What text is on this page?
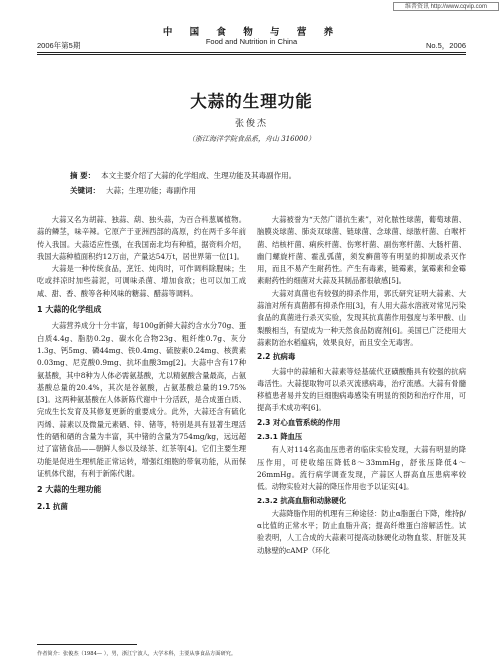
维普资讯 http://www.cqvip.com
中 国 食 物 与 营 养
Food and Nutrition in China
2006年第5期	No.5，2006
大蒜的生理功能
张俊杰
（浙江海洋学院食品系，舟山 316000）
摘 要： 本文主要介绍了大蒜的化学组成、生理功能及其毒副作用。
关键词： 大蒜；生理功能；毒副作用

大蒜又名为胡蒜、独蒜、葫、独头蒜，为百合科葱属植物。蒜的鳞茎，味辛辣。它原产于亚洲西部的高原，约在两千多年前传入我国。大蒜适应性强，在我国南北均有种植，据资料介绍，我国大蒜种植面积约12万亩，产量达54万t，居世界第一位[1]。

大蒜是一种传统食品，烹饪、炖肉时，可作调料除腥味；生吃或拌凉时加些蒜泥，可调味杀菌、增加食欲；也可以加工成咸、甜、香、酸等各种风味的糖蒜、醋蒜等调料。

1 大蒜的化学组成

大蒜营养成分十分丰富，每100g新鲜大蒜约含水分70g、蛋白质4.4g、脂肪0.2g、碳水化合物23g、粗纤维0.7g、灰分1.3g、钙5mg、磷44mg、铁0.4mg、硫胺素0.24mg、核黄素0.03mg、尼克酸0.9mg、抗坏血酸3mg[2]。大蒜中含有17种氨基酸，其中8种为人体必需氨基酸，尤以精氨酸含量最高，占氨基酸总量的20.4%，其次是谷氨酸，占氨基酸总量的19.75%[3]。这两种氨基酸在人体新陈代谢中十分活跃，是合成蛋白质、完成生长发育及其修复更新的重要成分。此外，大蒜还含有硫化丙烯、蒜素以及微量元素硒、锌、锗等，特别是具有显著生理活性的硒和硒的含量为丰富，其中锗的含量为754mg/kg，远远超过了富锗食品——朝鲜人参以及绿茶、红茶等[4]。它们主要生理功能是促进生理机能正常运转，增强红细胞的带氧功能，从而保证机体代谢，有利于新陈代谢。

2 大蒜的生理功能
2.1 抗菌

大蒜被誉为“天然广谱抗生素”，对化脓性球菌，葡萄球菌、脑膜炎球菌、肺炎双球菌、链球菌、念球菌、绿脓杆菌、白喉杆菌、结核杆菌、痢疾杆菌、伤寒杆菌、副伤寒杆菌、大肠杆菌、幽门螺旋杆菌、霍乱弧菌，须发癣菌等有明显的抑制或杀灭作用，而且不易产生耐药性。产生有毒素，链霉素，氯霉素和金霉素耐药性的细菌对大蒜及其制品都很敏感[5]。

大蒜对真菌也有较强的抑杀作用，郭氏研究证明大蒜素、大蒜油对所有真菌都有抑杀作用[3]，有人用大蒜水溶液对常见污染食品的真菌进行杀灭实验，发现其抗真菌作用强度与苯甲酸、山梨酸相当，有望成为一种天然食品防腐剂[6]。美国已广泛使用大蒜素防治水稻瘟病，效果良好，而且安全无毒害。

2.2 抗病毒

大蒜中的蒜辅和大蒜素等烃基硫代亚磺酸酯具有较强的抗病毒活性。大蒜提取物可以杀灭流感病毒，治疗流感。大蒜有骨髓移植患者易并发的巨细胞病毒感染有明显的预防和治疗作用，可提高手术成功率[6]。

2.3 对心血管系统的作用
2.3.1 降血压

有人对114名高血压患者的临床实验发现，大蒜有明显的降压作用，可使收缩压降低8～33mmHg，舒张压降低4～26mmHg。流行病学调查发现，产蒜区人群高血压患病率较低。动物实验对大蒜的降压作用也予以证实[4]。

2.3.2 抗高血脂和动脉硬化

大蒜降脂作用的机理有三种途径：防止α脂蛋白下降，维持β/α比值的正常水平；防止血脂升高；提高纤维蛋白溶解活性。试验表明，人工合成的大蒜素可提高动脉硬化动物血浆、肝脏及其动脉壁的cAMP（环化

作者简介：张俊杰（1984— ），男，浙江宁波人，大学本科，主要从事食品方面研究。
